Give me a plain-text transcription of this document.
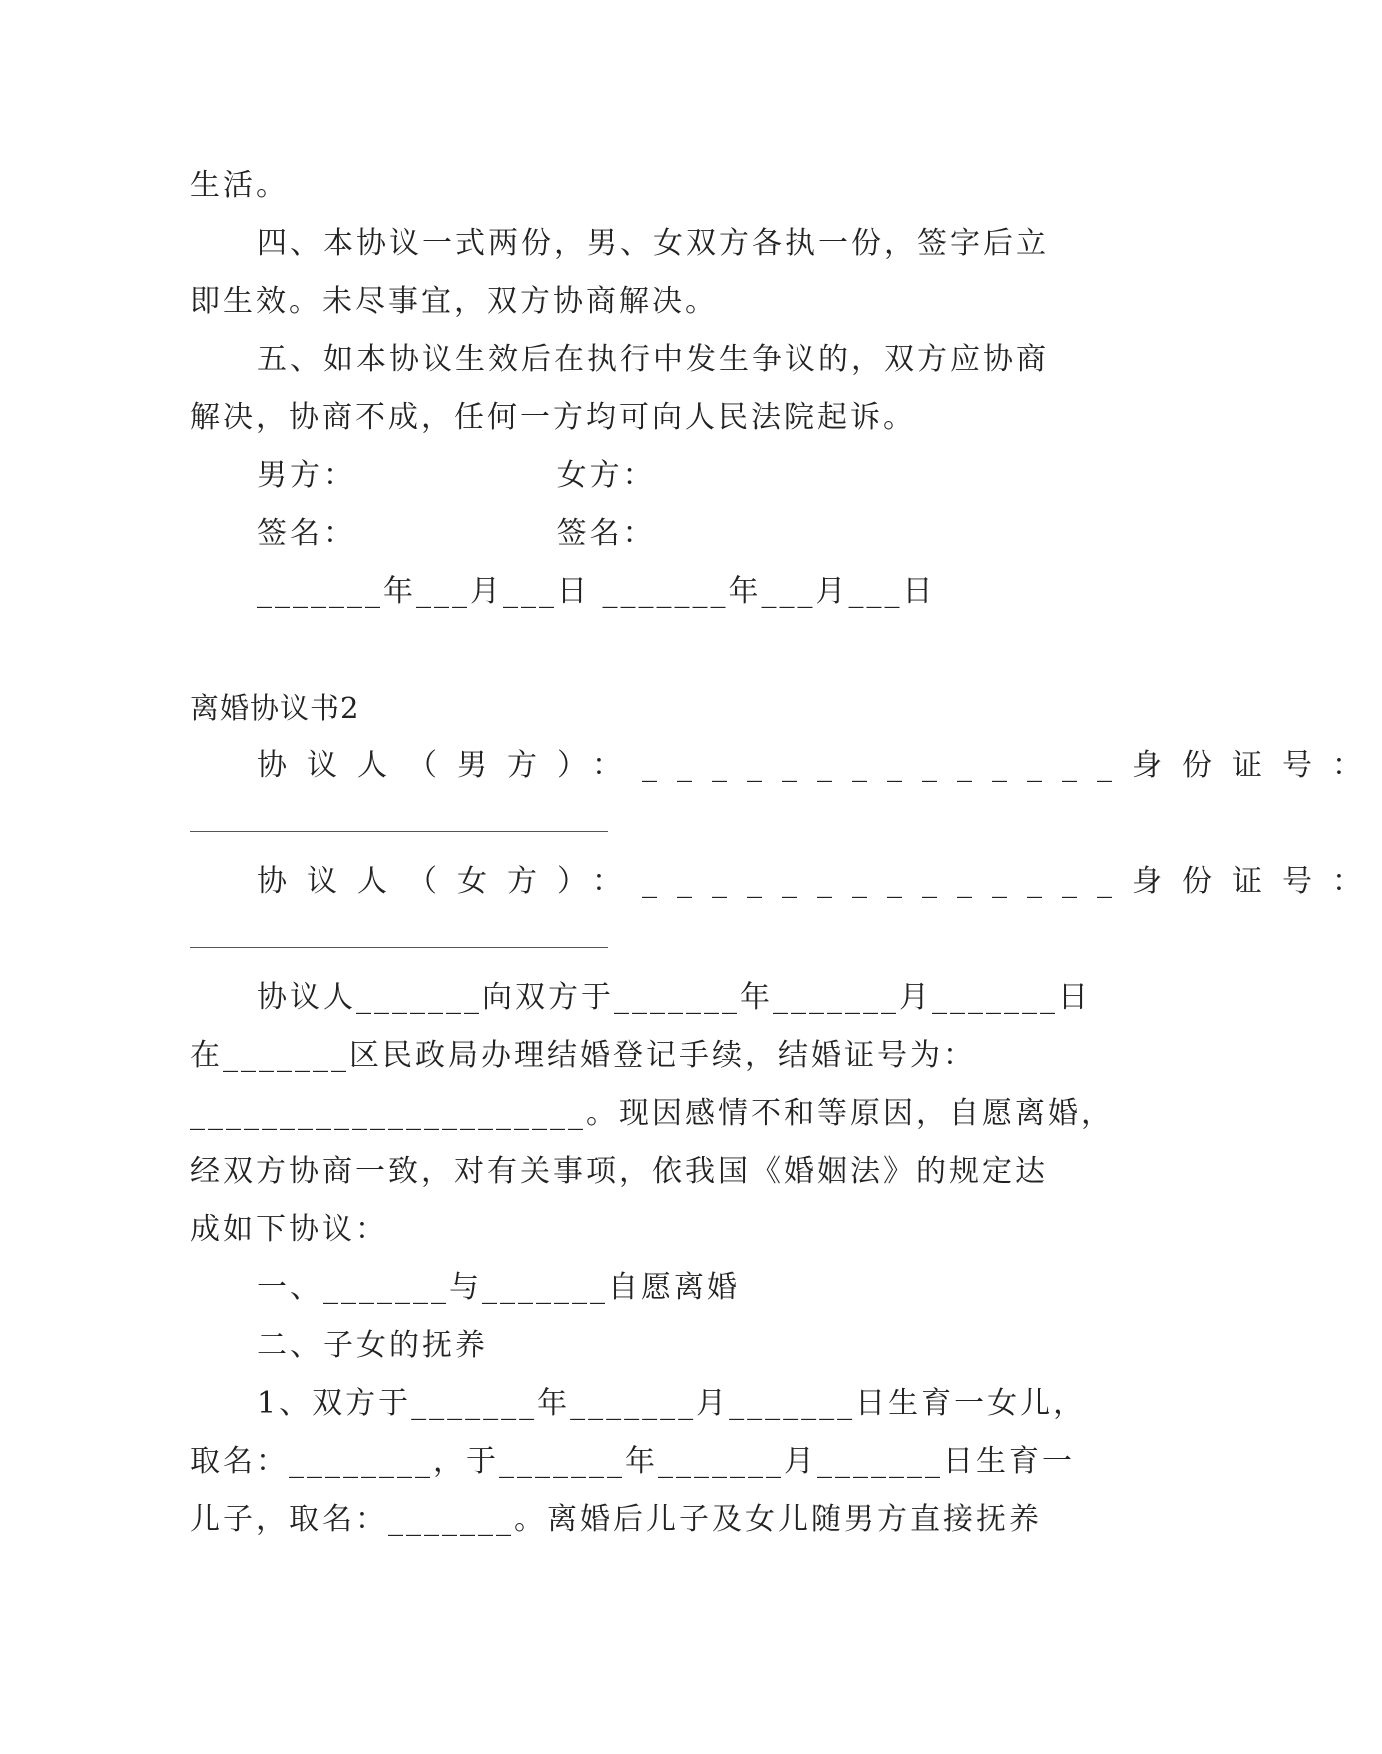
生活。
四、本协议一式两份，男、女双方各执一份，签字后立
即生效。未尽事宜，双方协商解决。
五、如本协议生效后在执行中发生争议的，双方应协商
解决，协商不成，任何一方均可向人民法院起诉。
男方：                女方：
签名：                签名：
_______年___月___日 _______年___月___日
离婚协议书2
协议人（男方）：______________身份证号：
协议人（女方）：______________身份证号：
协议人_______向双方于_______年_______月_______日
在_______区民政局办理结婚登记手续，结婚证号为：
______________________。现因感情不和等原因，自愿离婚，
经双方协商一致，对有关事项，依我国《婚姻法》的规定达
成如下协议：
一、_______与_______自愿离婚
二、子女的抚养
1、双方于_______年_______月_______日生育一女儿，
取名：________，于_______年_______月_______日生育一
儿子，取名：_______。离婚后儿子及女儿随男方直接抚养
